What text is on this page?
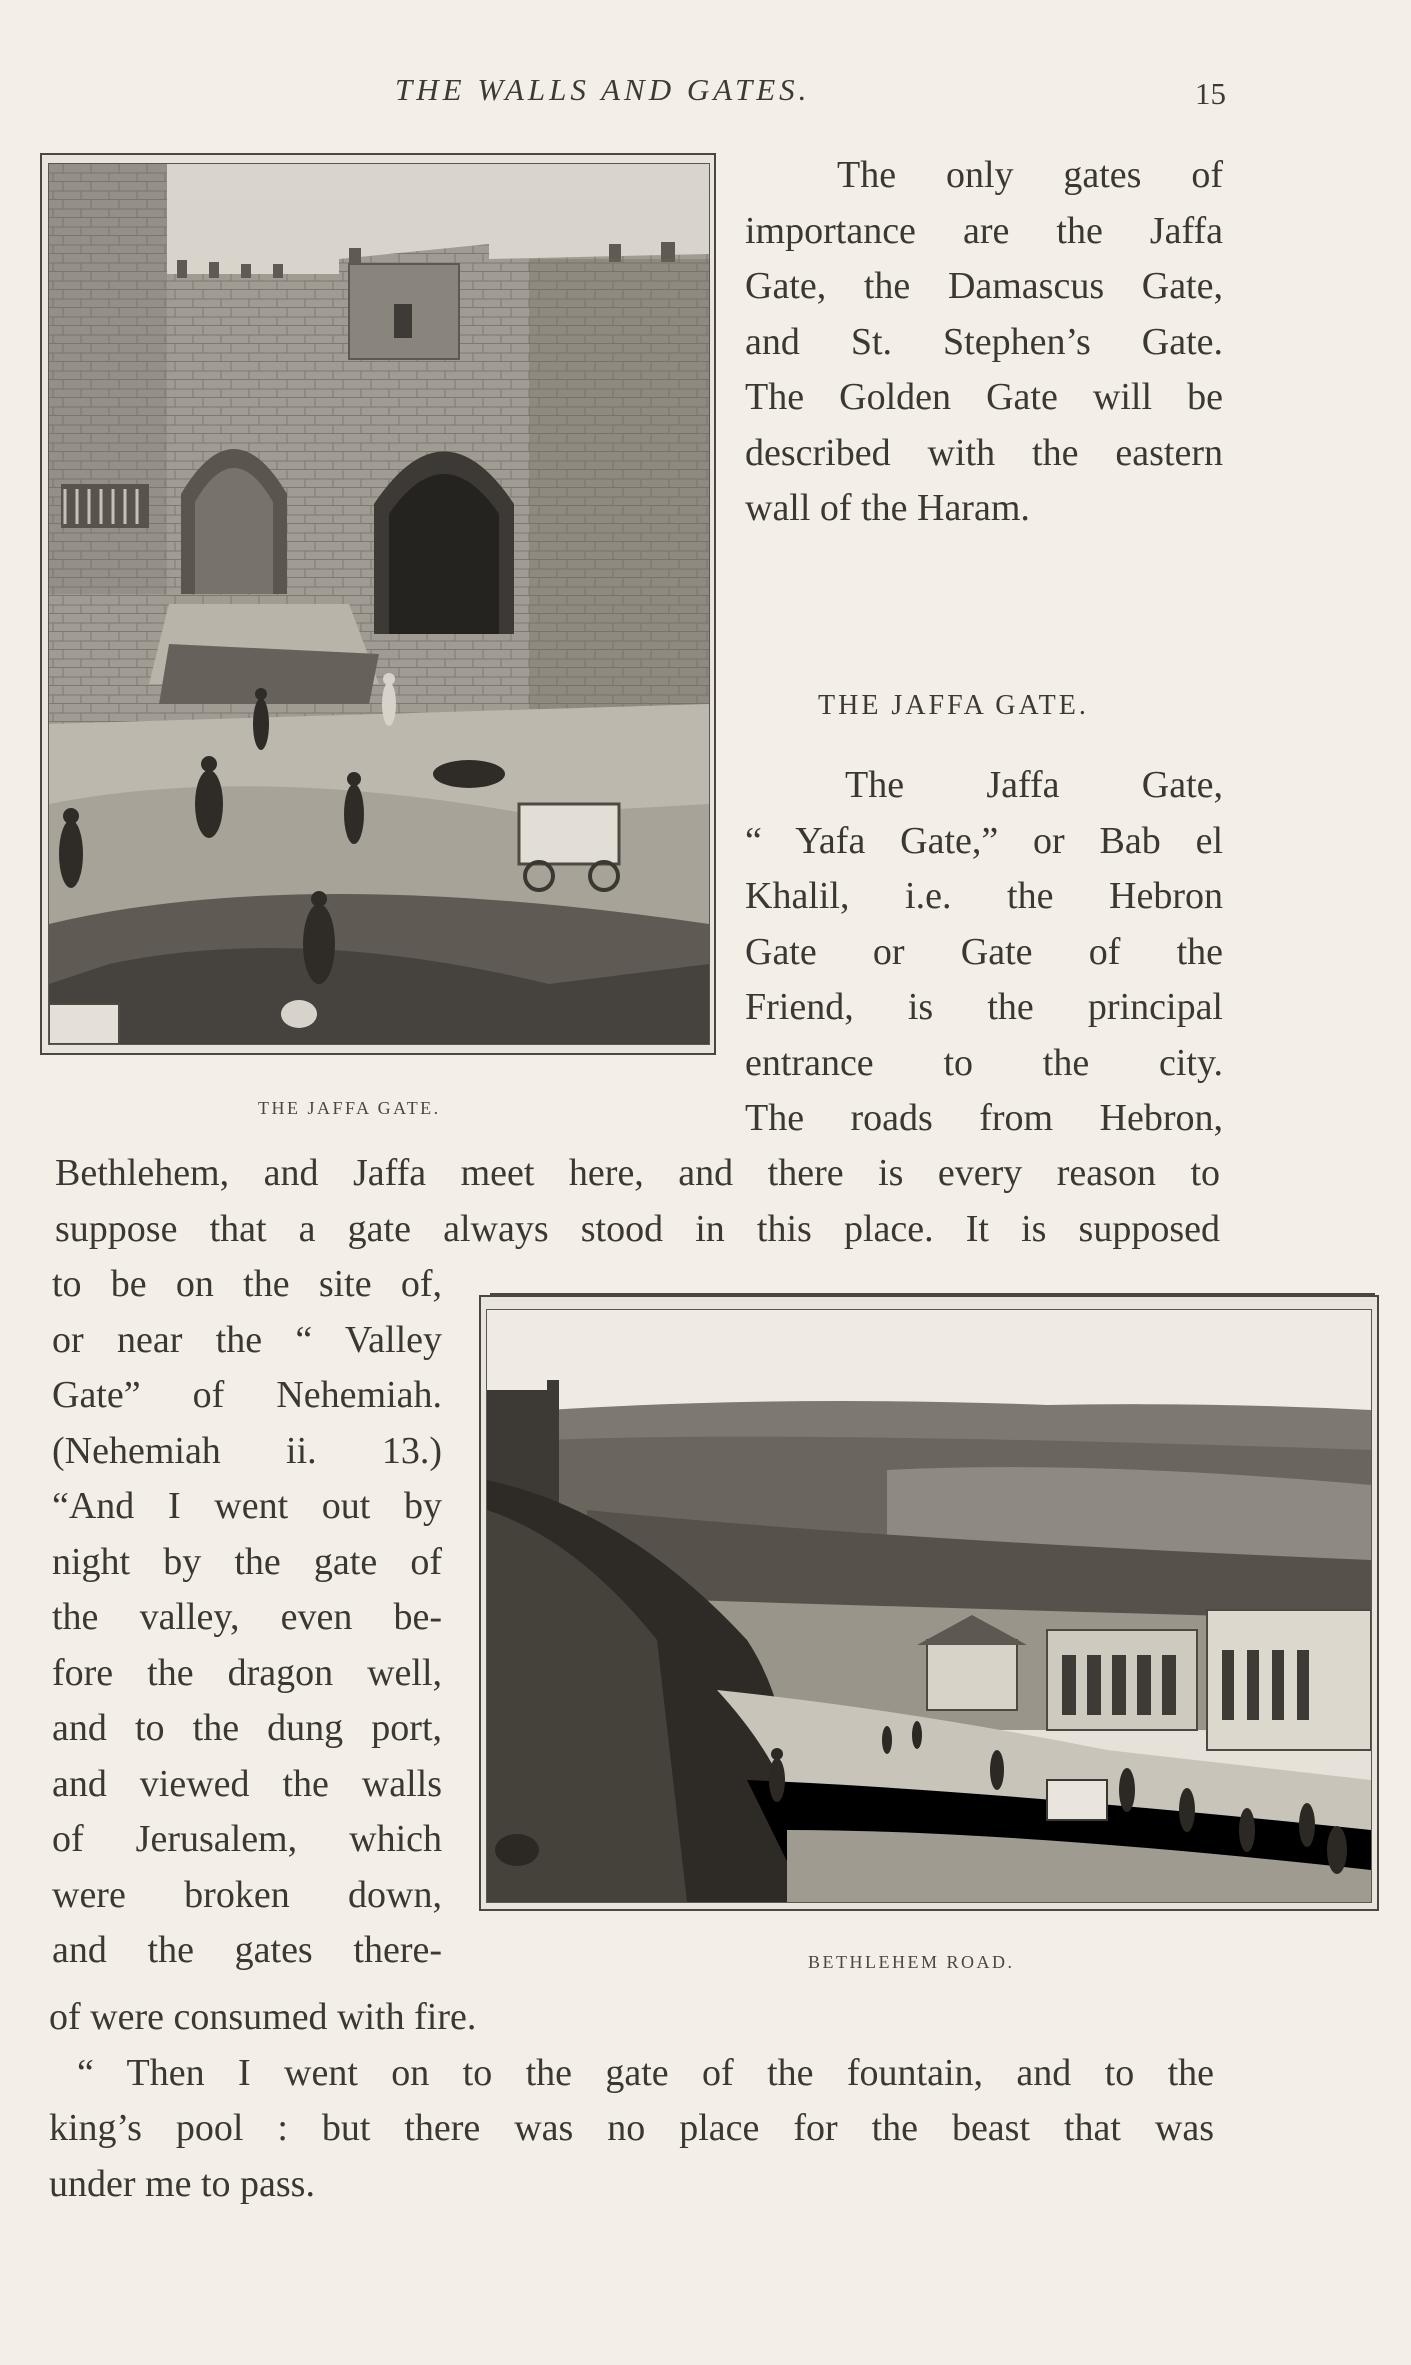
THE WALLS AND GATES.	15
THE JAFFA GATE.

The only gates of

importance are the Jaffa

Gate, the Damascus Gate,

and St. Stephen’s Gate.

The Golden Gate will be

described with the eastern

wall of the Haram.

THE JAFFA GATE.

The Jaffa Gate,

“ Yafa Gate,” or Bab el

Khalil, i.e. the Hebron

Gate or Gate of the

Friend, is the principal

entrance to the city.

The roads from Hebron,

Bethlehem, and Jaffa meet here, and there is every reason to

suppose that a gate always stood in this place. It is supposed

to be on the site of,

or near the “ Valley

Gate” of Nehemiah.

(Nehemiah ii. 13.)

“And I went out by

night by the gate of

the valley, even be-

fore the dragon well,

and to the dung port,

and viewed the walls

of Jerusalem, which

were broken down,

and the gates there-	BETHLEHEM ROAD.

of were consumed with fire.

“ Then I went on to the gate of the fountain, and to the

king’s pool : but there was no place for the beast that was

under me to pass.
